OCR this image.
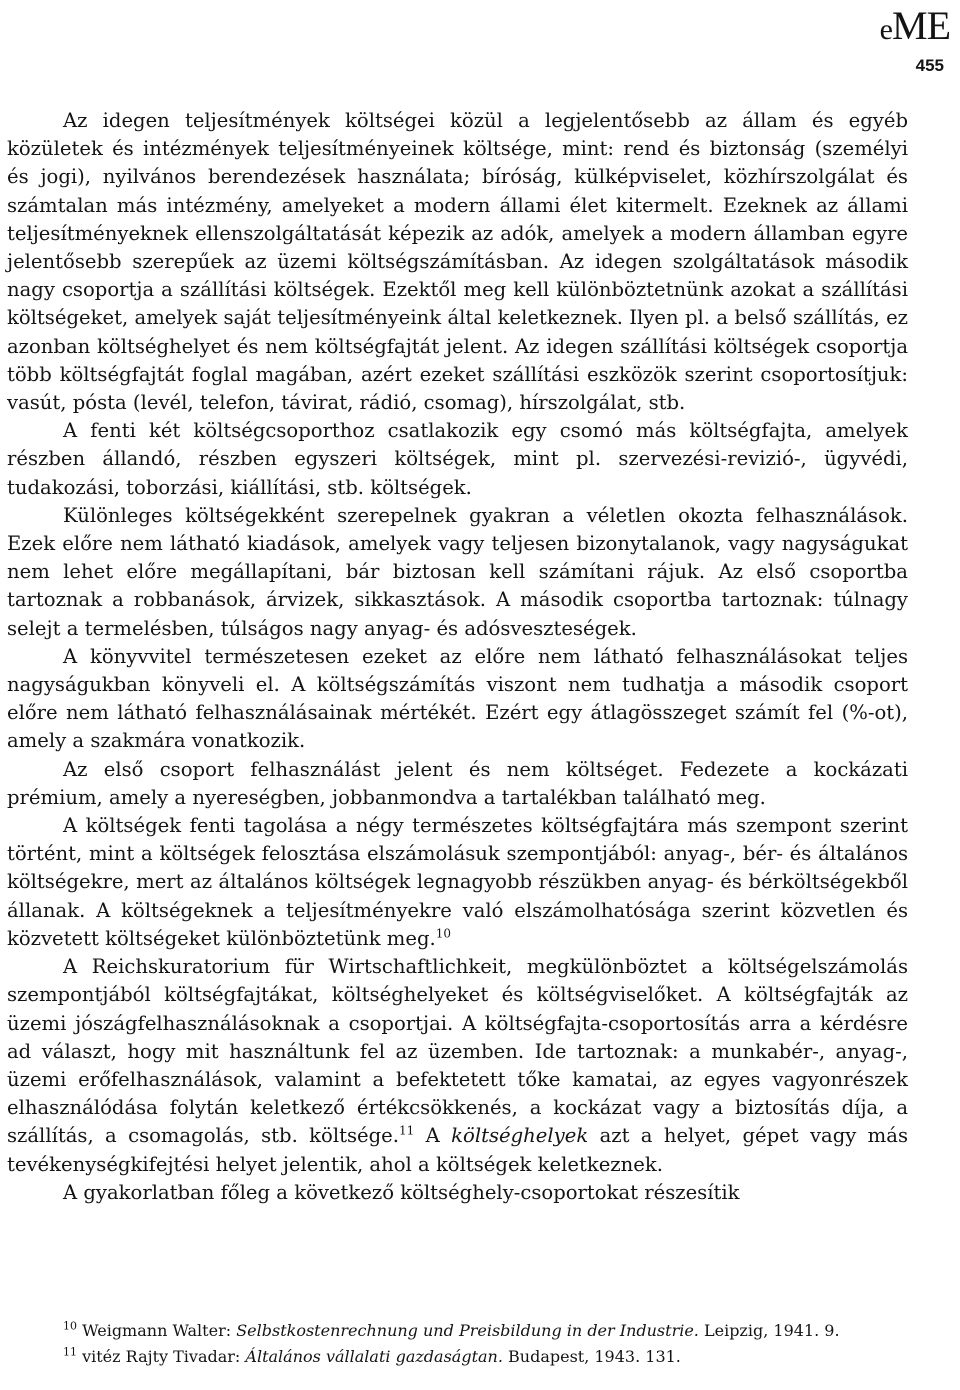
eME
455

Az idegen teljesítmények költségei közül a legjelentősebb az állam és egyéb közületek és intézmények teljesítményeinek költsége, mint: rend és biztonság (személyi és jogi), nyilvános berendezések használata; bíróság, külképviselet, közhírszolgálat és számtalan más intézmény, amelyeket a modern állami élet kitermelt. Ezeknek az állami teljesítményeknek ellenszolgáltatását képezik az adók, amelyek a modern államban egyre jelentősebb szerepűek az üzemi költségszámításban. Az idegen szolgáltatások második nagy csoportja a szállítási költségek. Ezektől meg kell különböztetnünk azokat a szállítási költségeket, amelyek saját teljesítményeink által keletkeznek. Ilyen pl. a belső szállítás, ez azonban költséghelyet és nem költségfajtát jelent. Az idegen szállítási költségek csoportja több költségfajtát foglal magában, azért ezeket szállítási eszközök szerint csoportosítjuk: vasút, pósta (levél, telefon, távirat, rádió, csomag), hírszolgálat, stb.

A fenti két költségcsoporthoz csatlakozik egy csomó más költségfajta, amelyek részben állandó, részben egyszeri költségek, mint pl. szervezési-revizió-, ügyvédi, tudakozási, toborzási, kiállítási, stb. költségek.

Különleges költségekként szerepelnek gyakran a véletlen okozta felhasználások. Ezek előre nem látható kiadások, amelyek vagy teljesen bizonytalanok, vagy nagyságukat nem lehet előre megállapítani, bár biztosan kell számítani rájuk. Az első csoportba tartoznak a robbanások, árvizek, sikkasztások. A második csoportba tartoznak: túlnagy selejt a termelésben, túlságos nagy anyag- és adósveszteségek.

A könyvvitel természetesen ezeket az előre nem látható felhasználásokat teljes nagyságukban könyveli el. A költségszámítás viszont nem tudhatja a második csoport előre nem látható felhasználásainak mértékét. Ezért egy átlagösszeget számít fel (%-ot), amely a szakmára vonatkozik.

Az első csoport felhasználást jelent és nem költséget. Fedezete a kockázati prémium, amely a nyereségben, jobbanmondva a tartalékban található meg.

A költségek fenti tagolása a négy természetes költségfajtára más szempont szerint történt, mint a költségek felosztása elszámolásuk szempontjából: anyag-, bér- és általános költségekre, mert az általános költségek legnagyobb részükben anyag- és bérköltségekből állanak. A költségeknek a teljesítményekre való elszámolhatósága szerint közvetlen és közvetett költségeket különböztetünk meg.$^{10}$

A Reichskuratorium für Wirtschaftlichkeit, megkülönböztet a költségelszámolás szempontjából költségfajtákat, költséghelyeket és költségviselőket. A költségfajták az üzemi jószágfelhasználásoknak a csoportjai. A költségfajta-csoportosítás arra a kérdésre ad választ, hogy mit használtunk fel az üzemben. Ide tartoznak: a munkabér-, anyag-, üzemi erőfelhasználások, valamint a befektetett tőke kamatai, az egyes vagyonrészek elhasználódása folytán keletkező értékcsökkenés, a kockázat vagy a biztosítás díja, a szállítás, a csomagolás, stb. költsége.$^{11}$ A költséghelyek azt a helyet, gépet vagy más tevékenységkifejtési helyet jelentik, ahol a költségek keletkeznek.

A gyakorlatban főleg a következő költséghely-csoportokat részesítik

$^{10}$ Weigmann Walter: Selbstkostenrechnung und Preisbildung in der Industrie. Leipzig, 1941. 9.

$^{11}$ vitéz Rajty Tivadar: Általános vállalati gazdaságtan. Budapest, 1943. 131.
